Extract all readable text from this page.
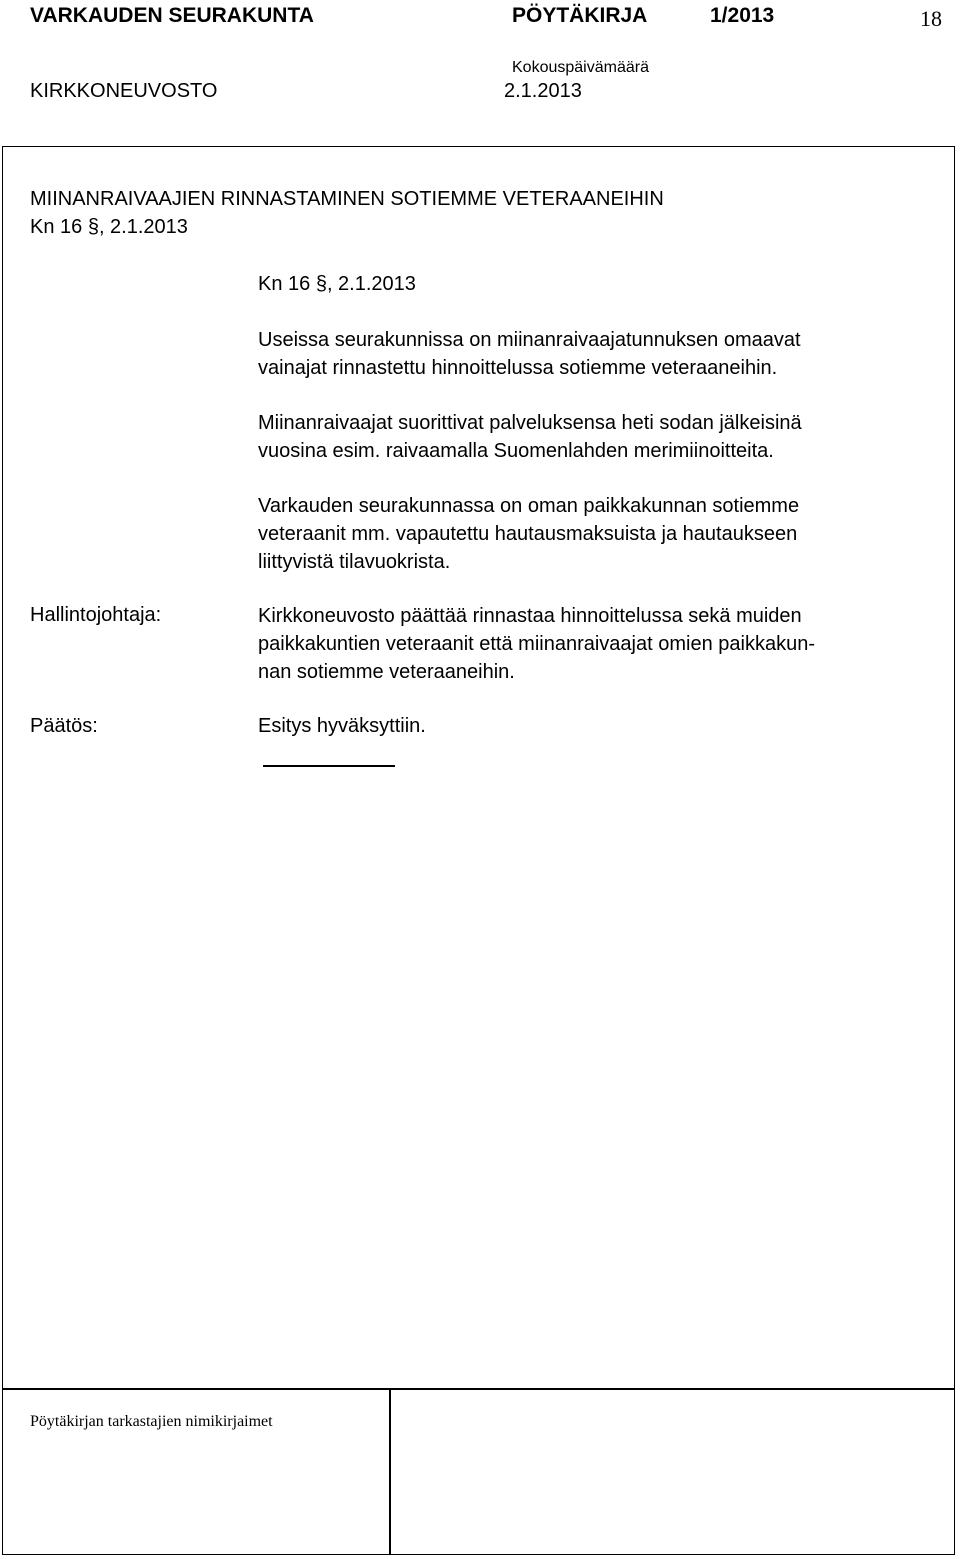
VARKAUDEN SEURAKUNTA	PÖYTÄKIRJA	1/2013	18
Kokouspäivämäärä
KIRKKONEUVOSTO	2.1.2013
MIINANRAIVAAJIEN RINNASTAMINEN SOTIEMME VETERAANEIHIN
Kn 16 §, 2.1.2013
Kn 16 §, 2.1.2013
Useissa seurakunnissa on miinanraivaajatunnuksen omaavat
vainajat rinnastettu hinnoittelussa sotiemme veteraaneihin.
Miinanraivaajat suorittivat palveluksensa heti sodan jälkeisinä
vuosina esim. raivaamalla Suomenlahden merimiinoitteita.
Varkauden seurakunnassa on oman paikkakunnan sotiemme
veteraanit mm. vapautettu hautausmaksuista ja hautaukseen
liittyvistä tilavuokrista.
Hallintojohtaja:	Kirkkoneuvosto päättää rinnastaa hinnoittelussa sekä muiden
paikkakuntien veteraanit että miinanraivaajat omien paikkakun-
nan sotiemme veteraaneihin.
Päätös:	Esitys hyväksyttiin.
Pöytäkirjan tarkastajien nimikirjaimet
